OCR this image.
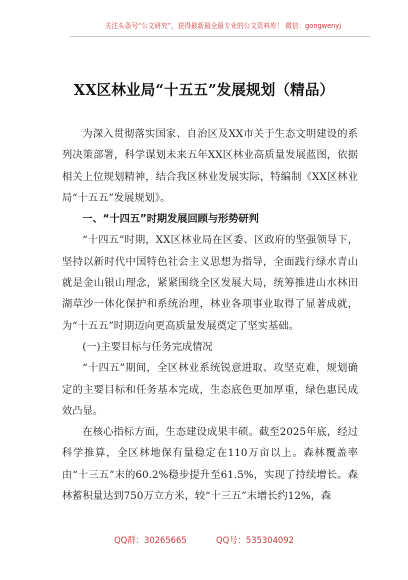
关注头条号“公文研究”，获得最新最全最专业的公文资料库！ 微信：gongwenyj
XX区林业局“十五五”发展规划（精品）

为深入贯彻落实国家、自治区及XX市关于生态文明建设的系列决策部署，科学谋划未来五年XX区林业高质量发展蓝图，依据相关上位规划精神，结合我区林业发展实际，特编制《XX区林业局“十五五”发展规划》。

一、“十四五”时期发展回顾与形势研判

“十四五”时期，XX区林业局在区委、区政府的坚强领导下，坚持以新时代中国特色社会主义思想为指导，全面践行绿水青山就是金山银山理念，紧紧围绕全区发展大局，统筹推进山水林田湖草沙一体化保护和系统治理，林业各项事业取得了显著成就，为“十五五”时期迈向更高质量发展奠定了坚实基础。

(一)主要目标与任务完成情况

“十四五”期间，全区林业系统锐意进取、攻坚克难，规划确定的主要目标和任务基本完成，生态底色更加厚重，绿色惠民成效凸显。

在核心指标方面，生态建设成果丰硕。截至2025年底，经过科学推算，全区林地保有量稳定在110万亩以上。森林覆盖率由“十三五”末的60.2%稳步提升至61.5%，实现了持续增长。森林蓄积量达到750万立方米，较“十三五”末增长约12%，森

QQ群：30265665	QQ号：535304092
